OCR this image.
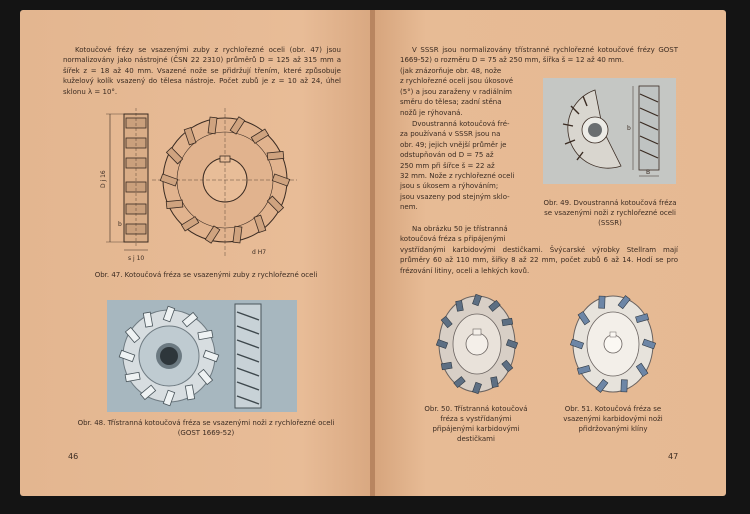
Kotoučové frézy se vsazenými zuby z rychlořezné oceli (obr. 47) jsou normalizovány jako nástrojné (ČSN 22 2310) průměrů D = 125 až 315 mm a šířek z = 18 až 40 mm. Vsazené nože se přidržují třením, které způsobuje kuželový kolík vsazený do tělesa nástroje. Počet zubů je z = 10 až 24, úhel sklonu λ = 10°.

D j 16
s j 10
b
d H7
Obr. 47. Kotoučová fréza se vsazenými zuby z rychlořezné oceli
Obr. 48. Třístranná kotoučová fréza se vsazenými noži z rychlořezné oceli (GOST 1669-52)
46

V SSSR jsou normalizovány třístranné rychlořezné kotoučové frézy GOST 1669-52) o rozměru D = 75 až 250 mm, šířka š = 12 až 40 mm.

(jak znázorňuje obr. 48, nože
z rychlořezné oceli jsou úkosové
(5°) a jsou zaraženy v radiálním
směru do tělesa; zadní stěna
nožů je rýhovaná.
Dvoustranná kotoučová fré-
za používaná v SSSR jsou na
obr. 49; jejich vnější průměr je
odstupňován od D = 75 až
250 mm při šířce š = 22 až
32 mm. Nože z rychlořezné oceli
jsou s úkosem a rýhováním;
jsou vsazeny pod stejným sklo-
nem.
Na obrázku 50 je třístranná
kotoučová fréza s připájenými

vystřídanými karbidovými destičkami. Švýcarské výrobky Stellram mají průměry 60 až 110 mm, šířky 8 až 22 mm, počet zubů 6 až 14. Hodí se pro frézování litiny, oceli a lehkých kovů.

b
B
Obr. 49. Dvoustranná kotoučová fréza se vsazenými noži z rychlořezné oceli (SSSR)
Obr. 50. Třístranná kotoučová fréza s vystřídanými připájenými karbidovými destičkami
Obr. 51. Kotoučová fréza se vsazenými karbidovými noži přidržovanými klíny
47
